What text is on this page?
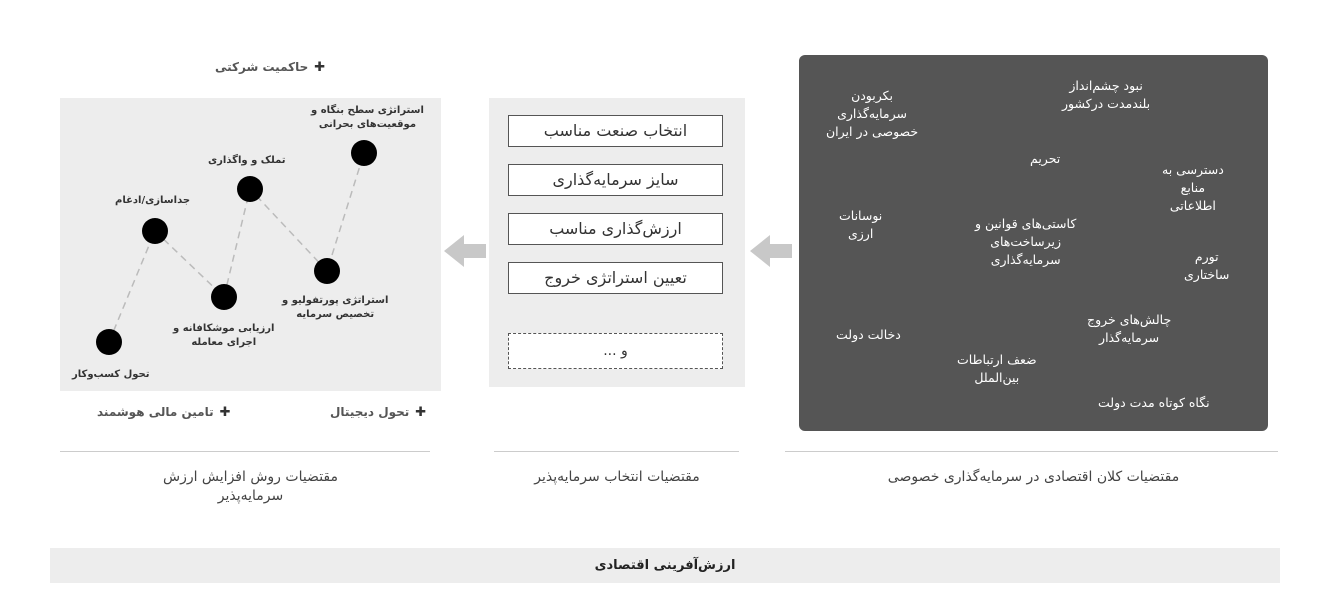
نبود چشم‌انداز
بلندمدت درکشور
بکربودن
سرمایه‌گذاری
خصوصی در ایران
تحریم
دسترسی به
منابع
اطلاعاتی
نوسانات
ارزی
کاستی‌های قوانین و
زیرساخت‌های
سرمایه‌گذاری	تورم
ساختاری
چالش‌های خروج
سرمایه‌گذار
دخالت دولت
ضعف ارتباطات
بین‌الملل
نگاه کوتاه مدت دولت
انتخاب صنعت مناسب
سایز سرمایه‌گذاری
ارزش‌گذاری مناسب
تعیین استراتژی خروج
و ...
تحول کسب‌وکار
جداسازی/ادغام
ارزیابی موشکافانه و
اجرای معامله
تملک و واگذاری
استراتژی پورتفولیو و
تخصیص سرمایه
استراتژی سطح بنگاه و
موقعیت‌های بحرانی
✚حاکمیت شرکتی
✚تامین مالی هوشمند	✚تحول دیجیتال
مقتضیات روش افزایش ارزش
سرمایه‌پذیر
مقتضیات انتخاب سرمایه‌پذیر	مقتضیات کلان اقتصادی در سرمایه‌گذاری خصوصی
ارزش‌آفرینی اقتصادی
